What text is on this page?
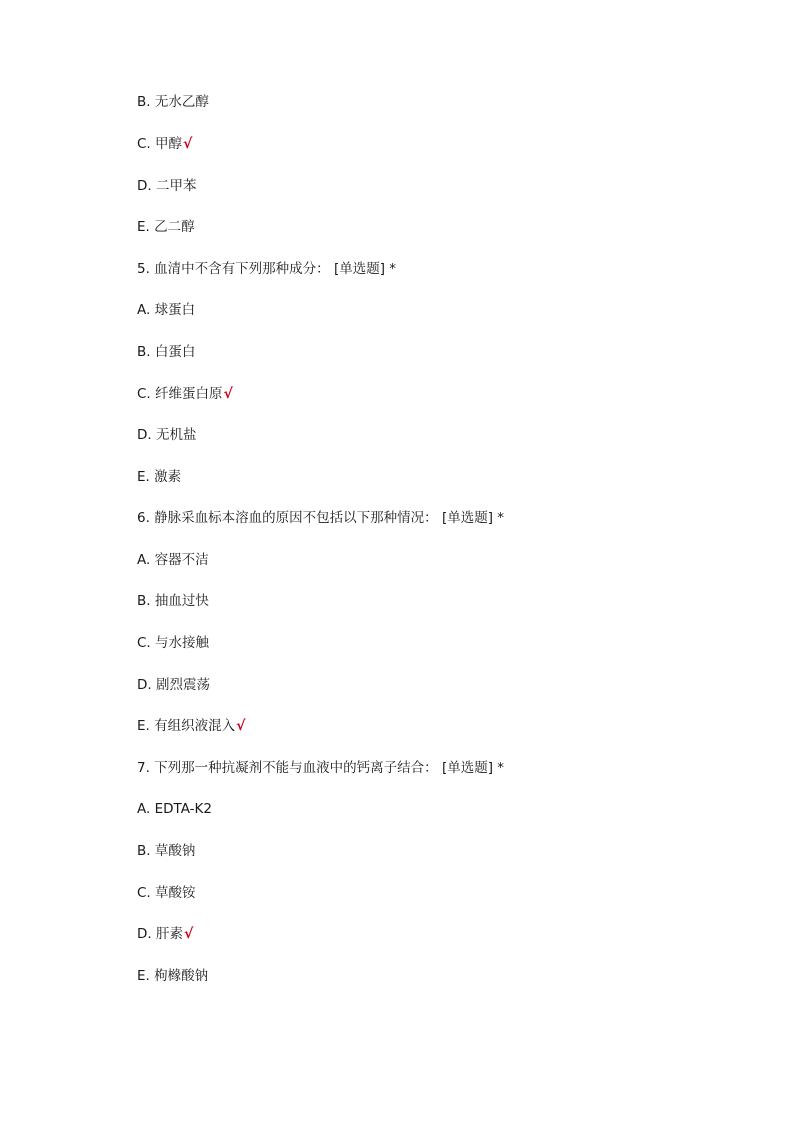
B. 无水乙醇
C. 甲醇√
D. 二甲苯
E. 乙二醇
5. 血清中不含有下列那种成分： [单选题] *
A. 球蛋白
B. 白蛋白
C. 纤维蛋白原√
D. 无机盐
E. 激素
6. 静脉采血标本溶血的原因不包括以下那种情况： [单选题] *
A. 容器不洁
B. 抽血过快
C. 与水接触
D. 剧烈震荡
E. 有组织液混入√
7. 下列那一种抗凝剂不能与血液中的钙离子结合： [单选题] *
A. EDTA-K2
B. 草酸钠
C. 草酸铵
D. 肝素√
E. 枸橼酸钠
